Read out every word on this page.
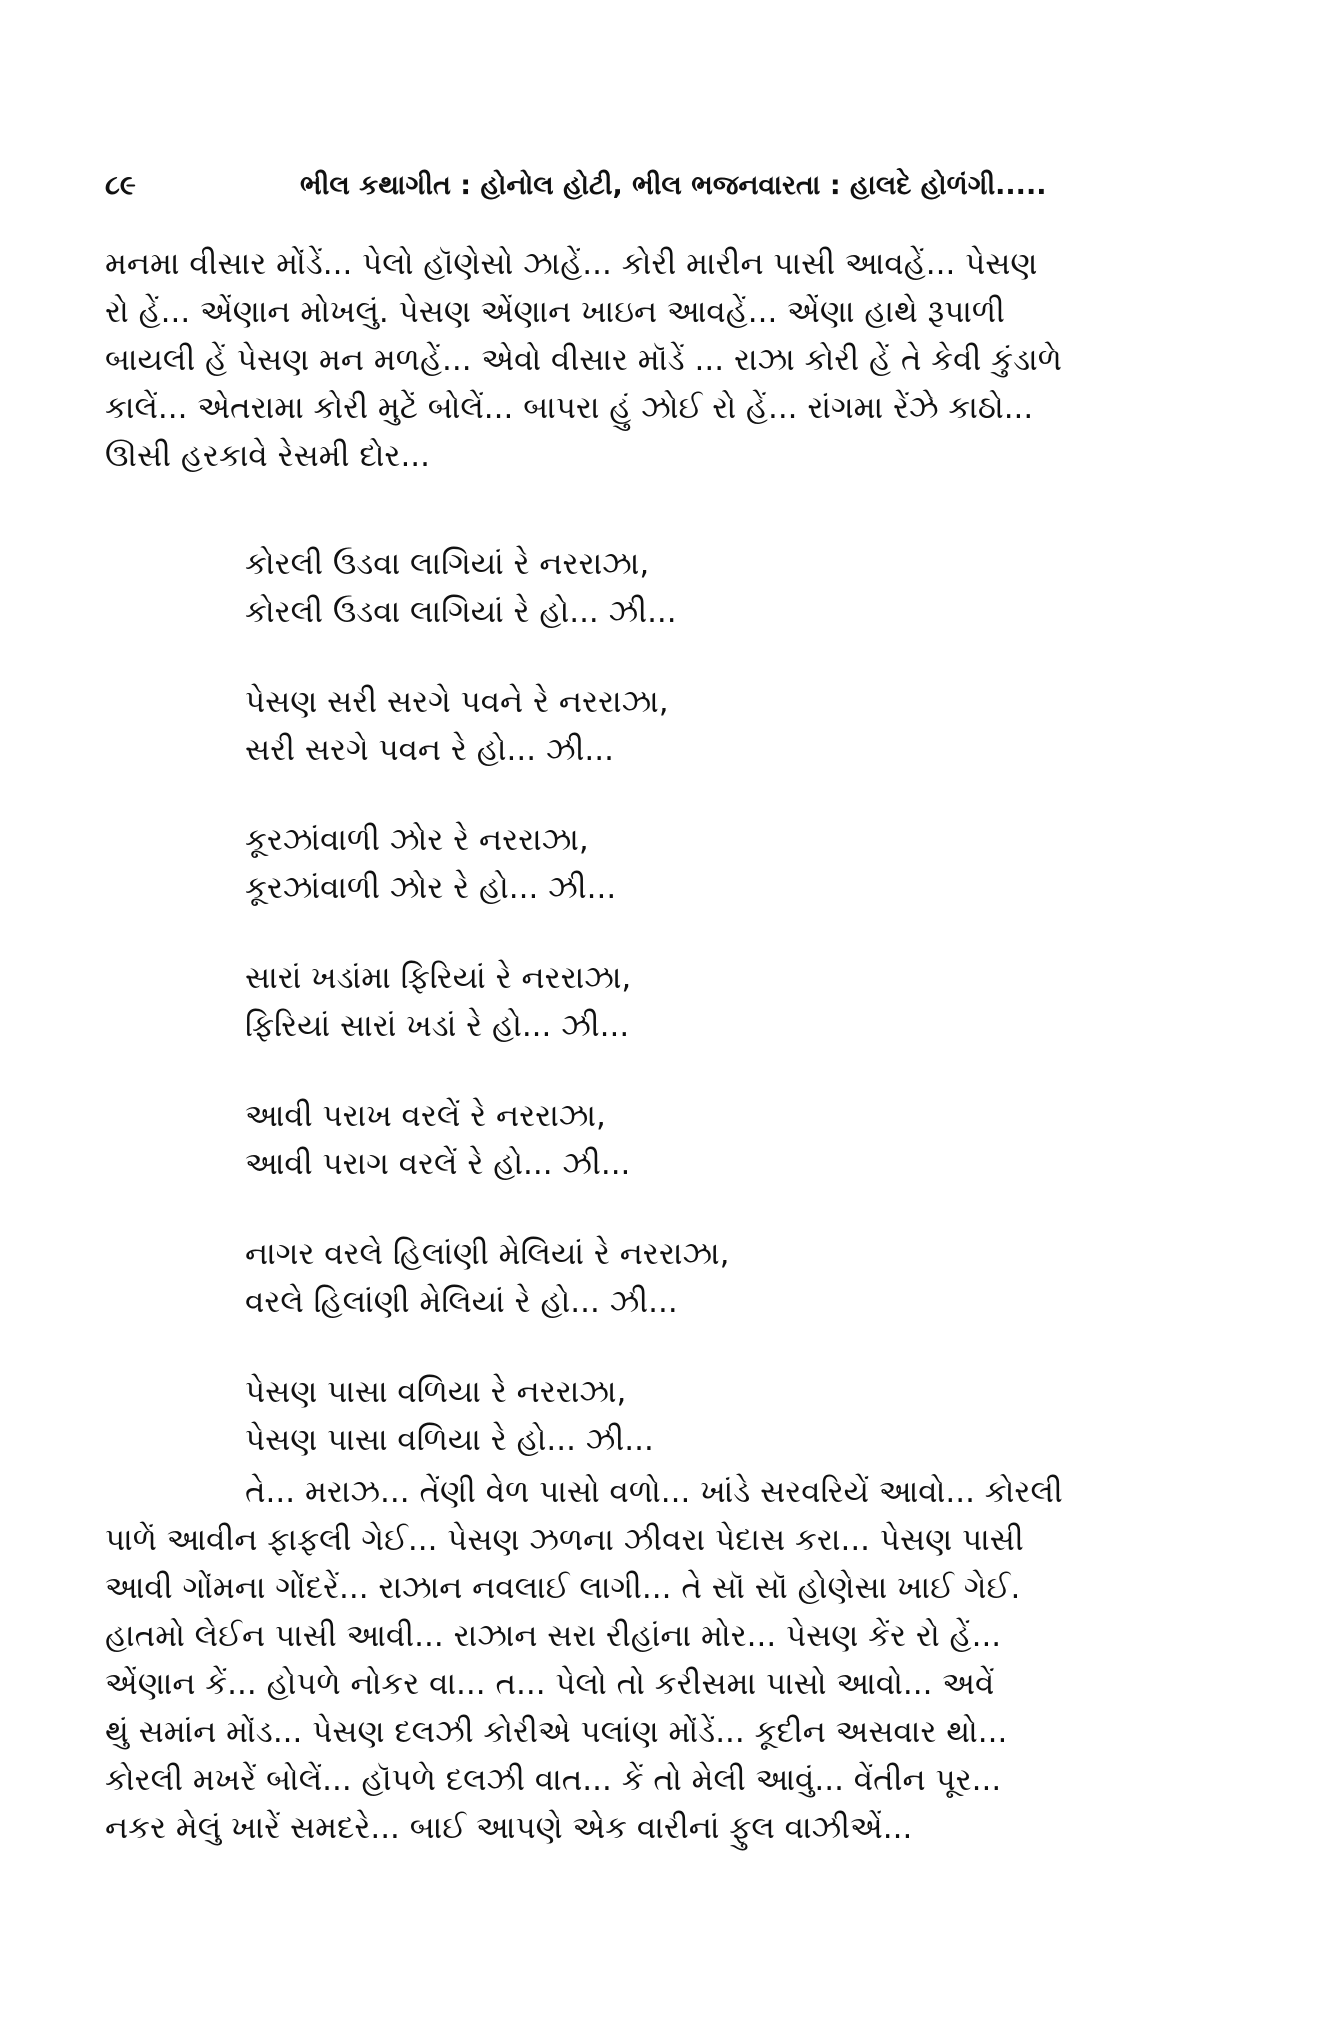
૮૯	ભીલ કથાગીત : હોનોલ હોટી, ભીલ ભજનવારતા : હાલદે હોળંગી.....
મનમા વીસાર મોંડેં... પેલો હૉણેસો ઝાહેં... કોરી મારીન પાસી આવહેં... પેસણ
રો હેં... એંણાન મોખલું. પેસણ એંણાન ખાઇન આવહેં... એંણા હાથે રૂપાળી
બાયલી હેં પેસણ મન મળહેં... એવો વીસાર મૉડેં ... રાઝા કોરી હેં તે કેવી કુંડાળે
કાલેં... એતરામા કોરી મુટેં બોલેં... બાપરા હું ઝોઈ રો હેં... રાંગમા રેંઝે કાઠો...
ઊસી હરકાવે રેસમી દોર...
કોરલી ઉડવા લાગિયાં રે નરરાઝા,
કોરલી ઉડવા લાગિયાં રે હો... ઝી...
પેસણ સરી સરગે પવને રે નરરાઝા,
સરી સરગે પવન રે હો... ઝી...
કૂરઝાંવાળી ઝોર રે નરરાઝા,
કૂરઝાંવાળી ઝોર રે હો... ઝી...
સારાં ખડાંમા ફિરિયાં રે નરરાઝા,
ફિરિયાં સારાં ખડાં રે હો... ઝી...
આવી પરાખ વરલેં રે નરરાઝા,
આવી પરાગ વરલેં રે હો... ઝી...
નાગર વરલે હિલાંણી મેલિયાં રે નરરાઝા,
વરલે હિલાંણી મેલિયાં રે હો... ઝી...
પેસણ પાસા વળિયા રે નરરાઝા,
પેસણ પાસા વળિયા રે હો... ઝી...
તે... મરાઝ... તેંણી વેળ પાસો વળો... ખાંડે સરવરિયેં આવો... કોરલી
પાળેં આવીન ફાફલી ગેઈ... પેસણ ઝળના ઝીવરા પેદાસ કરા... પેસણ પાસી
આવી ગોંમના ગોંદરેં... રાઝાન નવલાઈ લાગી... તે સૉ સૉ હોણેસા ખાઈ ગેઈ.
હાતમો લેઈન પાસી આવી... રાઝાન સરા રીહાંના મોર... પેસણ કેંર રો હેં...
એંણાન કેં... હોપળે નોકર વા... ત... પેલો તો કરીસમા પાસો આવો... અવેં
થું સમાંન મોંડ... પેસણ દલઝી કોરીએ પલાંણ મોંડેં... કૂદીન અસવાર થો...
કોરલી મખરેં બોલેં... હૉપળે દલઝી વાત... કેં તો મેલી આવું... વેંતીન પૂર...
નકર મેલું ખારેં સમદરે... બાઈ આપણે એક વારીનાં ફુલ વાઝીએં...
